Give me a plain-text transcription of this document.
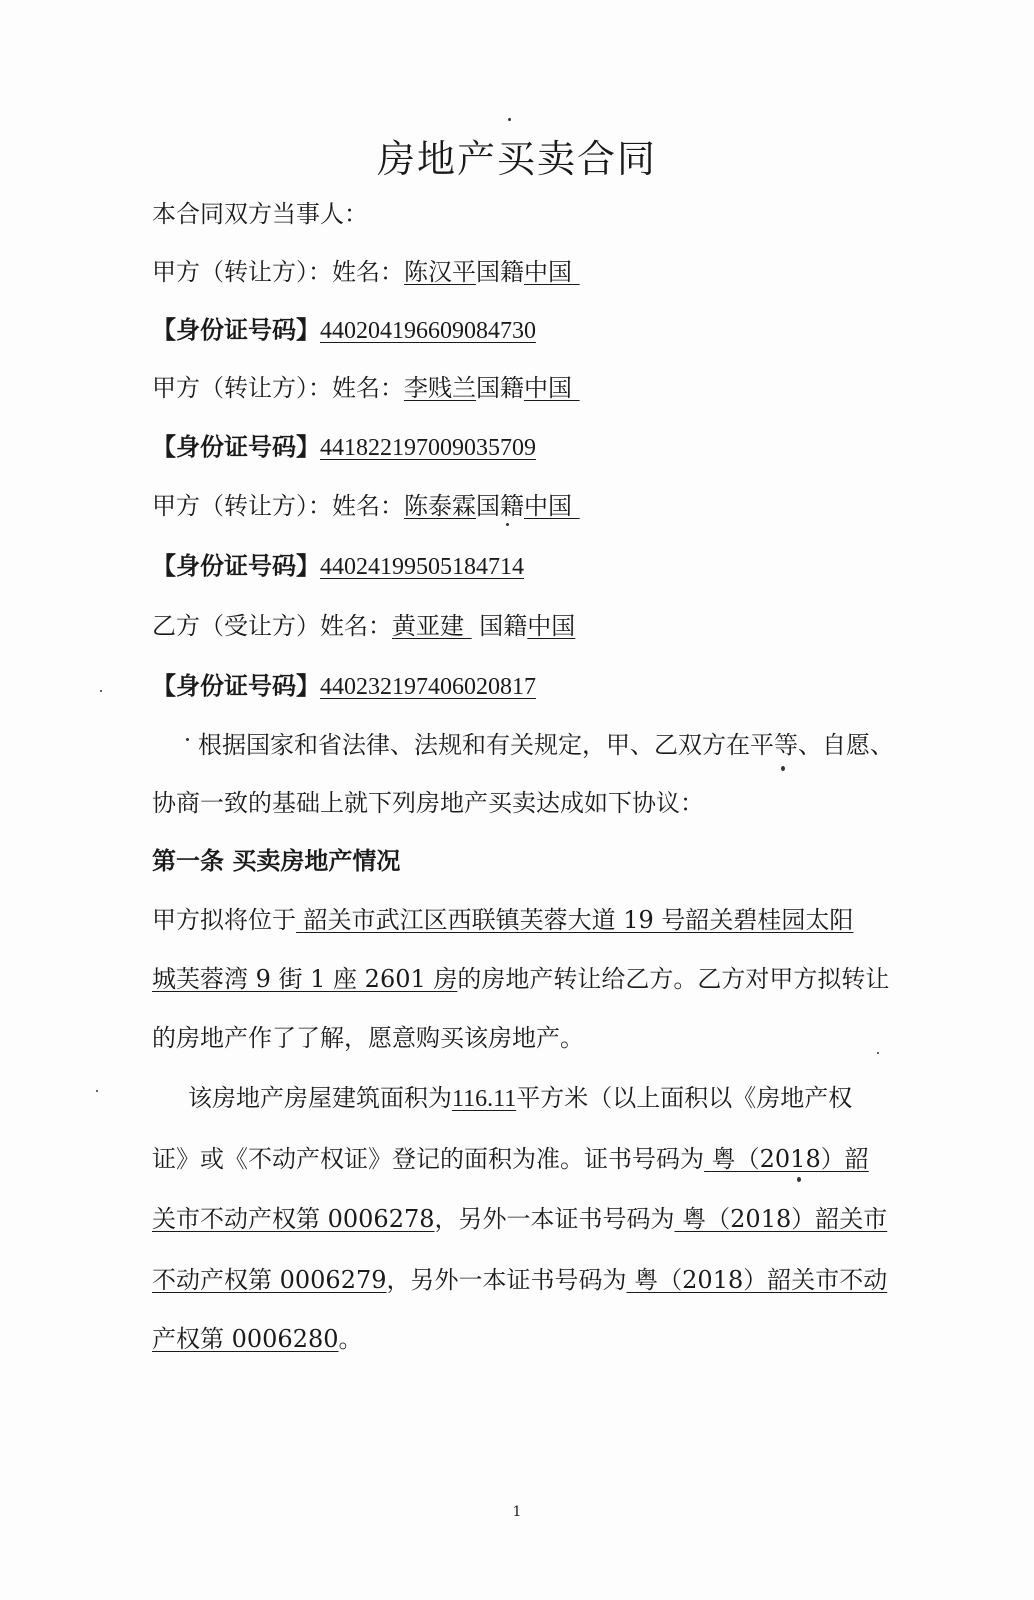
房地产买卖合同
本合同双方当事人：
甲方（转让方）：姓名：陈汉平国籍中国
【身份证号码】440204196609084730
甲方（转让方）：姓名：李贱兰国籍中国
【身份证号码】441822197009035709
甲方（转让方）：姓名：陈泰霖国籍中国
【身份证号码】44024199505184714
乙方（受让方）姓名：黄亚建 国籍中国
【身份证号码】440232197406020817
根据国家和省法律、法规和有关规定，甲、乙双方在平等、自愿、
协商一致的基础上就下列房地产买卖达成如下协议：
第一条 买卖房地产情况
甲方拟将位于 韶关市武江区西联镇芙蓉大道 19 号韶关碧桂园太阳
城芙蓉湾 9 街 1 座 2601 房的房地产转让给乙方。乙方对甲方拟转让
的房地产作了了解，愿意购买该房地产。
该房地产房屋建筑面积为116.11平方米（以上面积以《房地产权
证》或《不动产权证》登记的面积为准。证书号码为 粤（2018）韶
关市不动产权第 0006278，另外一本证书号码为 粤（2018）韶关市
不动产权第 0006279，另外一本证书号码为 粤（2018）韶关市不动
产权第 0006280。
1
